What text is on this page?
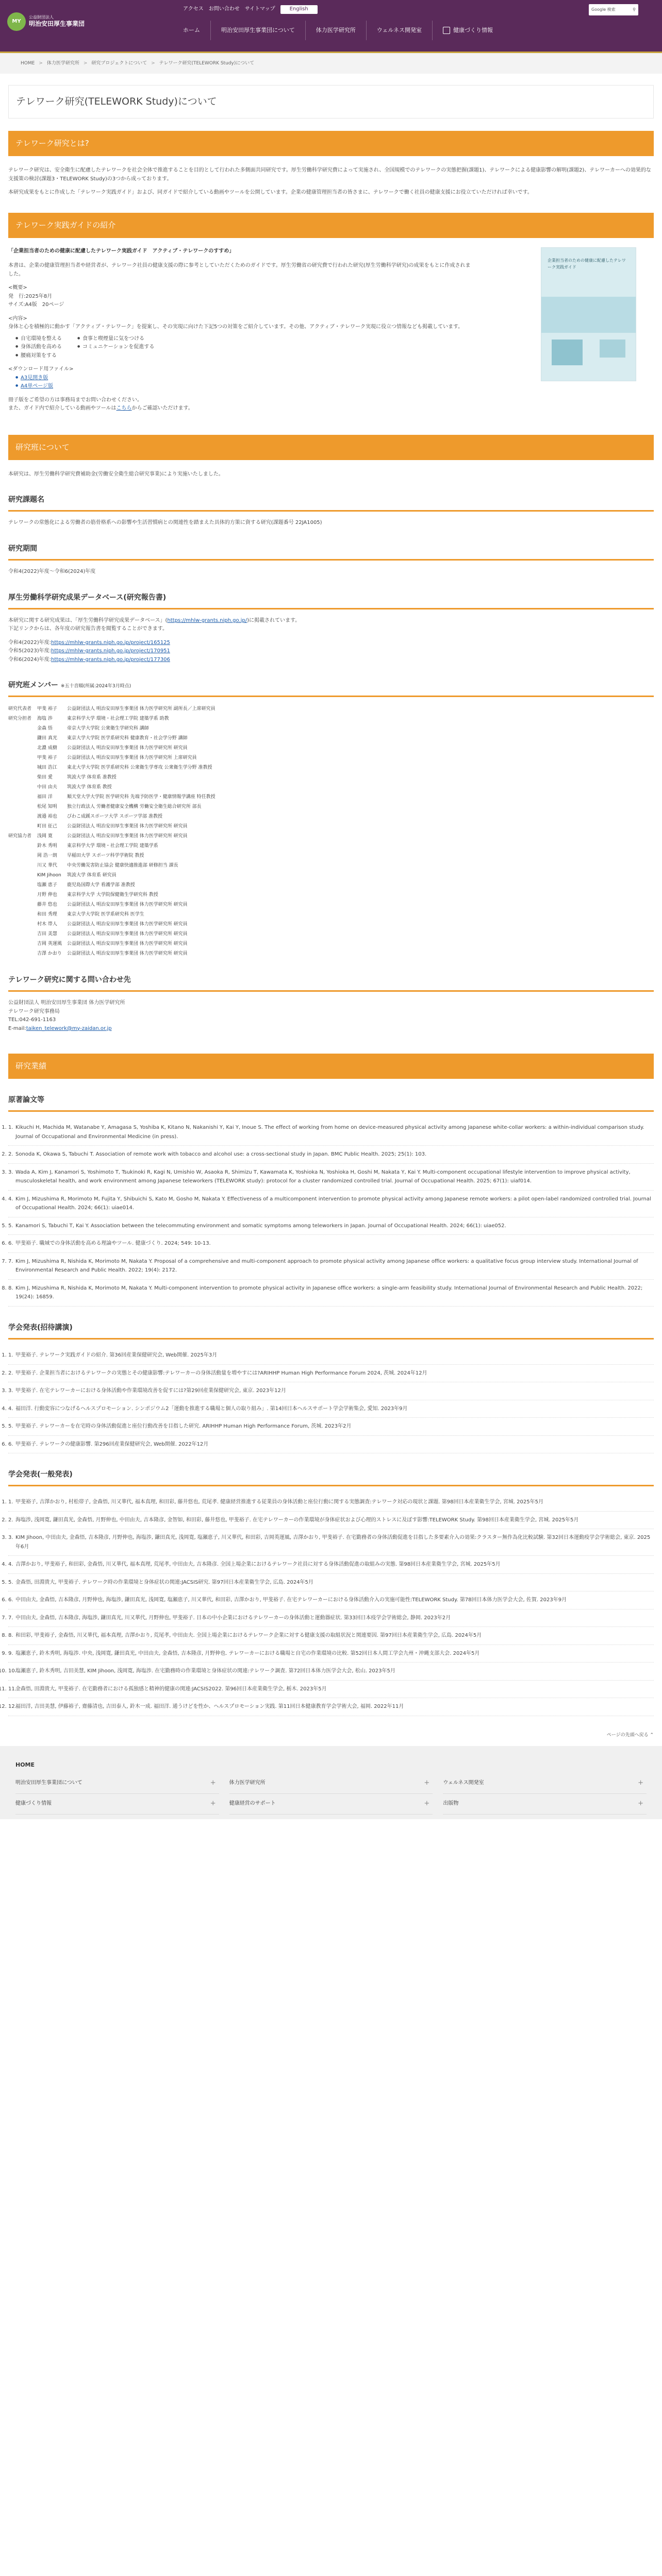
MY
公益財団法人
明治安田厚生事業団
アクセス お問い合わせ サイトマップ	English	Google 検索	⚲
ホーム	明治安田厚生事業団について	体力医学研究所	ウェルネス開発室	健康づくり情報
HOME > 体力医学研究所 > 研究プロジェクトについて > テレワーク研究(TELEWORK Study)について
テレワーク研究(TELEWORK Study)について
テレワーク研究とは?

テレワーク研究は、安全衛生に配慮したテレワークを社会全体で推進することを目的として行われた多側面共同研究です。厚生労働科学研究費によって実施され、全国規模でのテレワークの実態把握(課題1)、テレワークによる健康影響の解明(課題2)、テレワーカーへの効果的な支援策の検討(課題3・TELEWORK Study)の3つから成っております。

本研究成果をもとに作成した「テレワーク実践ガイド」および、同ガイドで紹介している動画やツールを公開しています。企業の健康管理担当者の皆さまに、テレワークで働く社員の健康支援にお役立ていただければ幸いです。

テレワーク実践ガイドの紹介
「企業担当者のための健康に配慮したテレワーク実践ガイド　アクティブ・テレワークのすすめ」

本書は、企業の健康管理担当者や経営者が、テレワーク社員の健康支援の際に参考としていただくためのガイドです。厚生労働省の研究費で行われた研究(厚生労働科学研究)の成果をもとに作成されました。

<概要>

発　行:2025年8月

サイズ:A4版　20ページ

<内容>

身体と心を積極的に動かす「アクティブ・テレワーク」を提案し、その実現に向けた下記5つの対策をご紹介しています。その他、アクティブ・テレワーク実現に役立つ情報なども掲載しています。

● 自宅環境を整える
● 身体活動を高める
● 腰痛対策をする
● 食事と喫煙量に気をつける
● コミュニケーションを促進する

<ダウンロード用ファイル>

● A3見開き版
● A4単ページ版

冊子版をご希望の方は事務局までお問い合わせください。

また、ガイド内で紹介している動画やツールはこちらからご確認いただけます。

企業担当者のための健康に配慮したテレワーク実践ガイド
研究班について

本研究は、厚生労働科学研究費補助金(労働安全衛生総合研究事業)により実施いたしました。

研究課題名

テレワークの常態化による労働者の筋骨格系への影響や生活習慣病との関連性を踏まえた具体的方策に資する研究(課題番号 22JA1005)

研究期間

令和4(2022)年度〜令和6(2024)年度

厚生労働科学研究成果データベース(研究報告書)

本研究に関する研究成果は、「厚生労働科学研究成果データベース」(https://mhlw-grants.niph.go.jp/)に掲載されています。

下記リンクからは、各年度の研究報告書を閲覧することができます。

令和4(2022)年度:https://mhlw-grants.niph.go.jp/project/165125

令和5(2023)年度:https://mhlw-grants.niph.go.jp/project/170951

令和6(2024)年度:https://mhlw-grants.niph.go.jp/project/177306

研究班メンバー ※五十音順(所属:2024年3月時点)
研究代表者	甲斐 裕子	公益財団法人 明治安田厚生事業団 体力医学研究所 副所長／上席研究員
研究分担者	海塩 渉	東京科学大学 環境・社会理工学院 建築学系 助教
金森 悟	帝京大学大学院 公衆衛生学研究科 講師
鎌田 真光	東京大学大学院 医学系研究科 健康教育・社会学分野 講師
北濃 成樹	公益財団法人 明治安田厚生事業団 体力医学研究所 研究員
甲斐 裕子	公益財団法人 明治安田厚生事業団 体力医学研究所 上席研究員
城田 浩江	東北大学大学院 医学系研究科 公衆衛生学専攻 公衆衛生学分野 准教授
柴田 愛	筑波大学 体育系 准教授
中田 由夫	筑波大学 体育系 教授
福田 洋	順天堂大学大学院 医学研究科 先端予防医学・健康情報学講座 特任教授
松尾 知明	独立行政法人 労働者健康安全機構 労働安全衛生総合研究所 部長
渡邉 裕也	びわこ成蹊スポーツ大学 スポーツ学部 准教授
町田 征己	公益財団法人 明治安田厚生事業団 体力医学研究所 研究員
研究協力者	浅岡 寛	公益財団法人 明治安田厚生事業団 体力医学研究所 研究員
鈴木 秀明	東京科学大学 環境・社会理工学院 建築学系
岡 浩一朗	早稲田大学 スポーツ科学学術院 教授
川又 華代	中央労働災害防止協会 健康快適推進部 研修担当 課長
KIM Jihoon	筑波大学 体育系 研究員
塩瀬 恵子	鹿児島国際大学 看護学部 准教授
月野 伸也	東京科学大学 大学院保健衛生学研究科 教授
藤井 悠也	公益財団法人 明治安田厚生事業団 体力医学研究所 研究員
和田 秀理	東京大学大学院 医学系研究科 医学生
村木 帯人	公益財団法人 明治安田厚生事業団 体力医学研究所 研究員
吉田 美慧	公益財団法人 明治安田厚生事業団 体力医学研究所 研究員
吉岡 英運風	公益財団法人 明治安田厚生事業団 体力医学研究所 研究員
吉澤 かおり	公益財団法人 明治安田厚生事業団 体力医学研究所 研究員
テレワーク研究に関する問い合わせ先
公益財団法人 明治安田厚生事業団 体力医学研究所
テレワーク研究事務局
TEL:042-691-1163
E-mail:taiken_telework@my-zaidan.or.jp
研究業績
原著論文等
1. 1. Kikuchi H, Machida M, Watanabe Y, Amagasa S, Yoshiba K, Kitano N, Nakanishi Y, Kai Y, Inoue S. The effect of working from home on device-measured physical activity among Japanese white-collar workers: a within-individual comparison study. Journal of Occupational and Environmental Medicine (in press).
2. 2. Sonoda K, Okawa S, Tabuchi T. Association of remote work with tobacco and alcohol use: a cross-sectional study in Japan. BMC Public Health. 2025; 25(1): 103.
3. 3. Wada A, Kim J, Kanamori S, Yoshimoto T, Tsukinoki R, Kagi N, Umishio W, Asaoka R, Shimizu T, Kawamata K, Yoshioka N, Yoshioka H, Goshi M, Nakata Y, Kai Y. Multi-component occupational lifestyle intervention to improve physical activity, musculoskeletal health, and work environment among Japanese teleworkers (TELEWORK study): protocol for a cluster randomized controlled trial. Journal of Occupational Health. 2025; 67(1): uiaf014.
4. 4. Kim J, Mizushima R, Morimoto M, Fujita Y, Shibuichi S, Kato M, Gosho M, Nakata Y. Effectiveness of a multicomponent intervention to promote physical activity among Japanese remote workers: a pilot open-label randomized controlled trial. Journal of Occupational Health. 2024; 66(1): uiae014.
5. 5. Kanamori S, Tabuchi T, Kai Y. Association between the telecommuting environment and somatic symptoms among teleworkers in Japan. Journal of Occupational Health. 2024; 66(1): uiae052.
6. 6. 甲斐裕子. 職域での身体活動を高める理論やツール. 健康づくり. 2024; 549: 10-13.
7. 7. Kim J, Mizushima R, Nishida K, Morimoto M, Nakata Y. Proposal of a comprehensive and multi-component approach to promote physical activity among Japanese office workers: a qualitative focus group interview study. International Journal of Environmental Research and Public Health. 2022; 19(4): 2172.
8. 8. Kim J, Mizushima R, Nishida K, Morimoto M, Nakata Y. Multi-component intervention to promote physical activity in Japanese office workers: a single-arm feasibility study. International Journal of Environmental Research and Public Health. 2022; 19(24): 16859.
学会発表(招待講演)
1. 1. 甲斐裕子. テレワーク実践ガイドの紹介. 第36回産業保健研究会, Web開催. 2025年3月
2. 2. 甲斐裕子. 企業担当者におけるテレワークの実態とその健康影響:テレワーカーの身体活動量を増やすには?ARIHHP Human High Performance Forum 2024, 茨城. 2024年12月
3. 3. 甲斐裕子. 在宅テレワーカーにおける身体活動や作業環境改善を促すには?第29回産業保健研究会, 東京. 2023年12月
4. 4. 福田洋. 行動変容につなげるヘルスプロモーション. シンポジウム2「運動を推進する職場と個人の取り組み」. 第14回日本ヘルスサポート学会学術集会, 愛知. 2023年9月
5. 5. 甲斐裕子. テレワーカーを在宅時の身体活動促進と座位行動改善を目指した研究. ARIHHP Human High Performance Forum, 茨城. 2023年2月
6. 6. 甲斐裕子. テレワークの健康影響. 第296回産業保健研究会, Web開催. 2022年12月
学会発表(一般発表)
1. 1. 甲斐裕子, 吉澤かおり, 村松帯子, 金森悟, 川又華代, 福本真理, 和田彩, 藤井悠也, 荒尾孝. 健康経営推進する従業員の身体活動と座位行動に関する実態調査:テレワーク対応の現状と課題. 第98回日本産業衛生学会, 宮城. 2025年5月
2. 2. 海塩渉, 浅岡寛, 鎌田真光, 金森悟, 月野伸也, 中田由夫, 吉本隆彦, 金智如, 和田彩, 藤井悠也, 甲斐裕子. 在宅テレワーカーの作業環境が身体症状および心理的ストレスに及ぼす影響:TELEWORK Study. 第98回日本産業衛生学会, 宮城. 2025年5月
3. 3. KIM Jihoon, 中田由夫, 金森悟, 吉本隆彦, 月野伸也, 海塩渉, 鎌田真光, 浅岡寛, 塩瀬恵子, 川又華代, 和田彩, 吉岡英運風, 吉澤かおり, 甲斐裕子. 在宅勤務者の身体活動促進を目指した多要素介入の効果:クラスター無作為化比較試験. 第32回日本運動疫学会学術総会, 東京. 2025年6月
4. 4. 吉澤かおり, 甲斐裕子, 和田彩, 金森悟, 川又華代, 福本真理, 荒尾孝, 中田由夫, 吉本隆彦. 全国上場企業におけるテレワーク社員に対する身体活動促進の取組みの実態. 第98回日本産業衛生学会, 宮城. 2025年5月
5. 5. 金森悟, 田淵貴大, 甲斐裕子. テレワーク時の作業環境と身体症状の関連:JACSIS研究. 第97回日本産業衛生学会, 広島. 2024年5月
6. 6. 中田由夫, 金森悟, 吉本隆彦, 月野伸也, 海塩渉, 鎌田真光, 浅岡寛, 塩瀬恵子, 川又華代, 和田彩, 吉澤かおり, 甲斐裕子. 在宅テレワーカーにおける身体活動介入の実施可能性:TELEWORK Study. 第78回日本体力医学会大会, 佐賀. 2023年9月
7. 7. 中田由夫, 金森悟, 吉本隆彦, 海塩渉, 鎌田真光, 川又華代, 月野伸也, 甲斐裕子. 日本の中小企業におけるテレワーカーの身体活動と運動器症状. 第33回日本疫学会学術総会, 静岡. 2023年2月
8. 8. 和田彩, 甲斐裕子, 金森悟, 川又華代, 福本真理, 吉澤かおり, 荒尾孝, 中田由夫. 全国上場企業におけるテレワーク企業に対する健康支援の取組状況と関連要因. 第97回日本産業衛生学会, 広島. 2024年5月
9. 9. 塩瀬恵子, 鈴木秀明, 海塩渉. 中央, 浅岡寛, 鎌田真光, 中田由夫, 金森悟, 吉本隆彦, 月野伸也. テレワーカーにおける職場と自宅の作業環境の比較. 第52回日本人間工学会九州・沖縄支部大会. 2024年5月
10. 10.
塩瀬恵子, 鈴木秀明, 吉田美慧, KIM Jihoon, 浅岡寛, 海塩渉. 在宅勤務時の作業環境と身体症状の関連:テレワーク調査. 第72回日本体力医学会大会, 松山. 2023年5月
11. 11.
金森悟, 田淵貴大, 甲斐裕子. 在宅勤務者における孤独感と精神的健康の関連:JACSIS2022. 第96回日本産業衛生学会, 栃木. 2023年5月
12. 12.
福田洋, 吉田美慧, 伊藤裕子, 齋藤清也, 吉田泰人, 鈴木一成. 福田洋. 通うけどを性か、ヘルスプロモーション実践. 第11回日本健康教育学会学術大会, 福岡. 2022年11月
ページの先頭へ戻る ⌃
HOME
明治安田厚生事業団について	+	体力医学研究所	+	ウェルネス開発室	+
健康づくり情報	+	健康経営のサポート	+	出版物	+
